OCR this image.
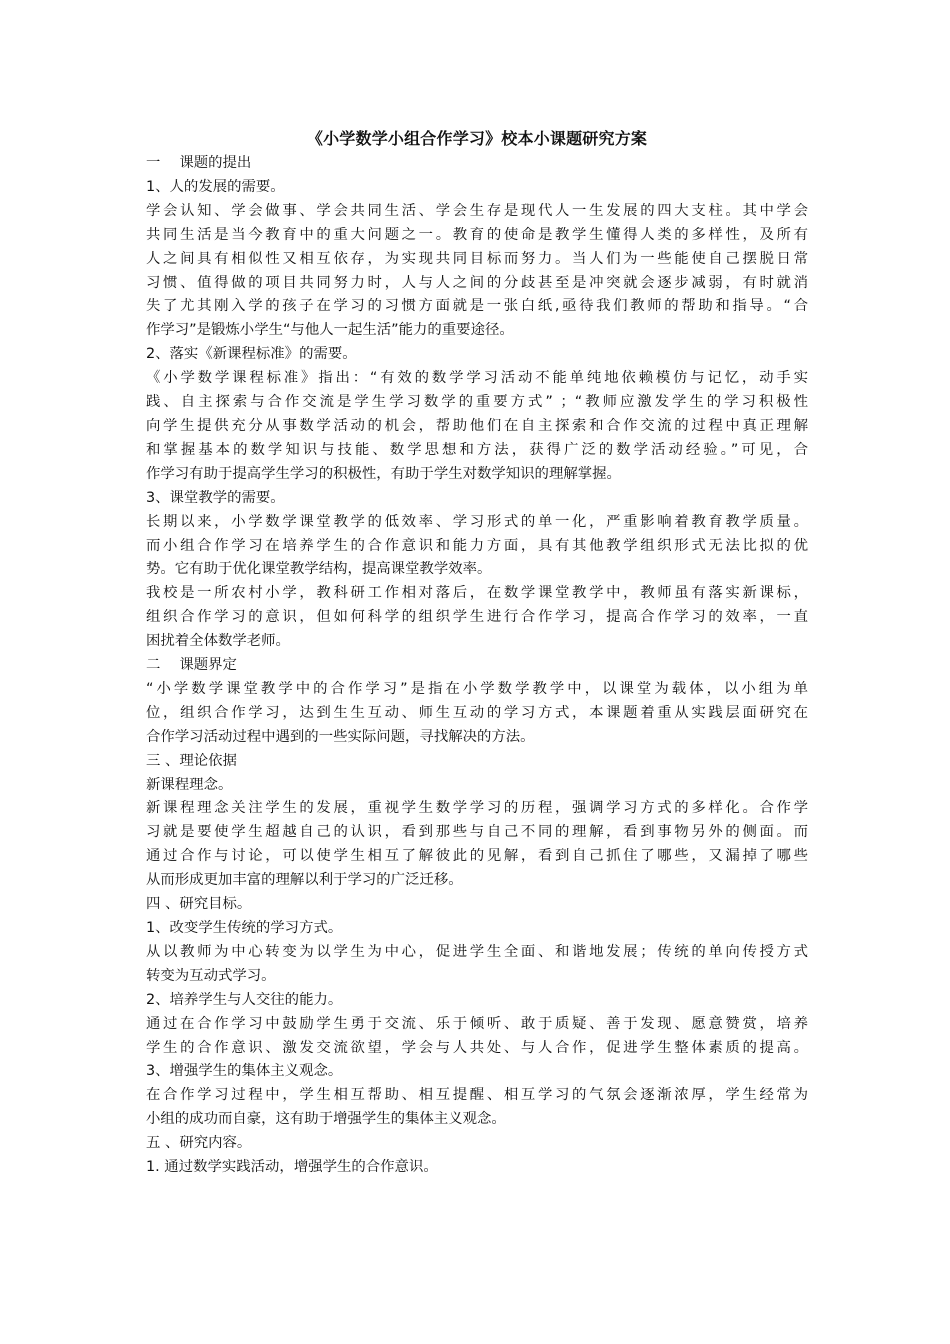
《小学数学小组合作学习》校本小课题研究方案
一　 课题的提出
1、人的发展的需要。
学会认知、学会做事、学会共同生活、学会生存是现代人一生发展的四大支柱。其中学会
共同生活是当今教育中的重大问题之一。教育的使命是教学生懂得人类的多样性，及所有
人之间具有相似性又相互依存，为实现共同目标而努力。当人们为一些能使自己摆脱日常
习惯、值得做的项目共同努力时，人与人之间的分歧甚至是冲突就会逐步减弱，有时就消
失了尤其刚入学的孩子在学习的习惯方面就是一张白纸,亟待我们教师的帮助和指导。“合
作学习”是锻炼小学生“与他人一起生活”能力的重要途径。
2、落实《新课程标准》的需要。
《小学数学课程标准》指出：“有效的数学学习活动不能单纯地依赖模仿与记忆，动手实
践、自主探索与合作交流是学生学习数学的重要方式” ；“教师应激发学生的学习积极性
向学生提供充分从事数学活动的机会，帮助他们在自主探索和合作交流的过程中真正理解
和掌握基本的数学知识与技能、数学思想和方法，获得广泛的数学活动经验。”可见，合
作学习有助于提高学生学习的积极性，有助于学生对数学知识的理解掌握。
3、课堂教学的需要。
长期以来，小学数学课堂教学的低效率、学习形式的单一化，严重影响着教育教学质量。
而小组合作学习在培养学生的合作意识和能力方面，具有其他教学组织形式无法比拟的优
势。它有助于优化课堂教学结构，提高课堂教学效率。
我校是一所农村小学，教科研工作相对落后，在数学课堂教学中，教师虽有落实新课标，
组织合作学习的意识，但如何科学的组织学生进行合作学习，提高合作学习的效率，一直
困扰着全体数学老师。
二　 课题界定
“小学数学课堂教学中的合作学习”是指在小学数学教学中，以课堂为载体，以小组为单
位，组织合作学习，达到生生互动、师生互动的学习方式，本课题着重从实践层面研究在
合作学习活动过程中遇到的一些实际问题，寻找解决的方法。
三 、理论依据
新课程理念。
新课程理念关注学生的发展，重视学生数学学习的历程，强调学习方式的多样化。合作学
习就是要使学生超越自己的认识，看到那些与自己不同的理解，看到事物另外的侧面。而
通过合作与讨论，可以使学生相互了解彼此的见解，看到自己抓住了哪些，又漏掉了哪些
从而形成更加丰富的理解以利于学习的广泛迁移。
四 、研究目标。
1、改变学生传统的学习方式。
从以教师为中心转变为以学生为中心，促进学生全面、和谐地发展；传统的单向传授方式
转变为互动式学习。
2、培养学生与人交往的能力。
通过在合作学习中鼓励学生勇于交流、乐于倾听、敢于质疑、善于发现、愿意赞赏，培养
学生的合作意识、激发交流欲望，学会与人共处、与人合作，促进学生整体素质的提高。
3、增强学生的集体主义观念。
在合作学习过程中，学生相互帮助、相互提醒、相互学习的气氛会逐渐浓厚，学生经常为
小组的成功而自豪，这有助于增强学生的集体主义观念。
五 、研究内容。
1. 通过数学实践活动，增强学生的合作意识。
